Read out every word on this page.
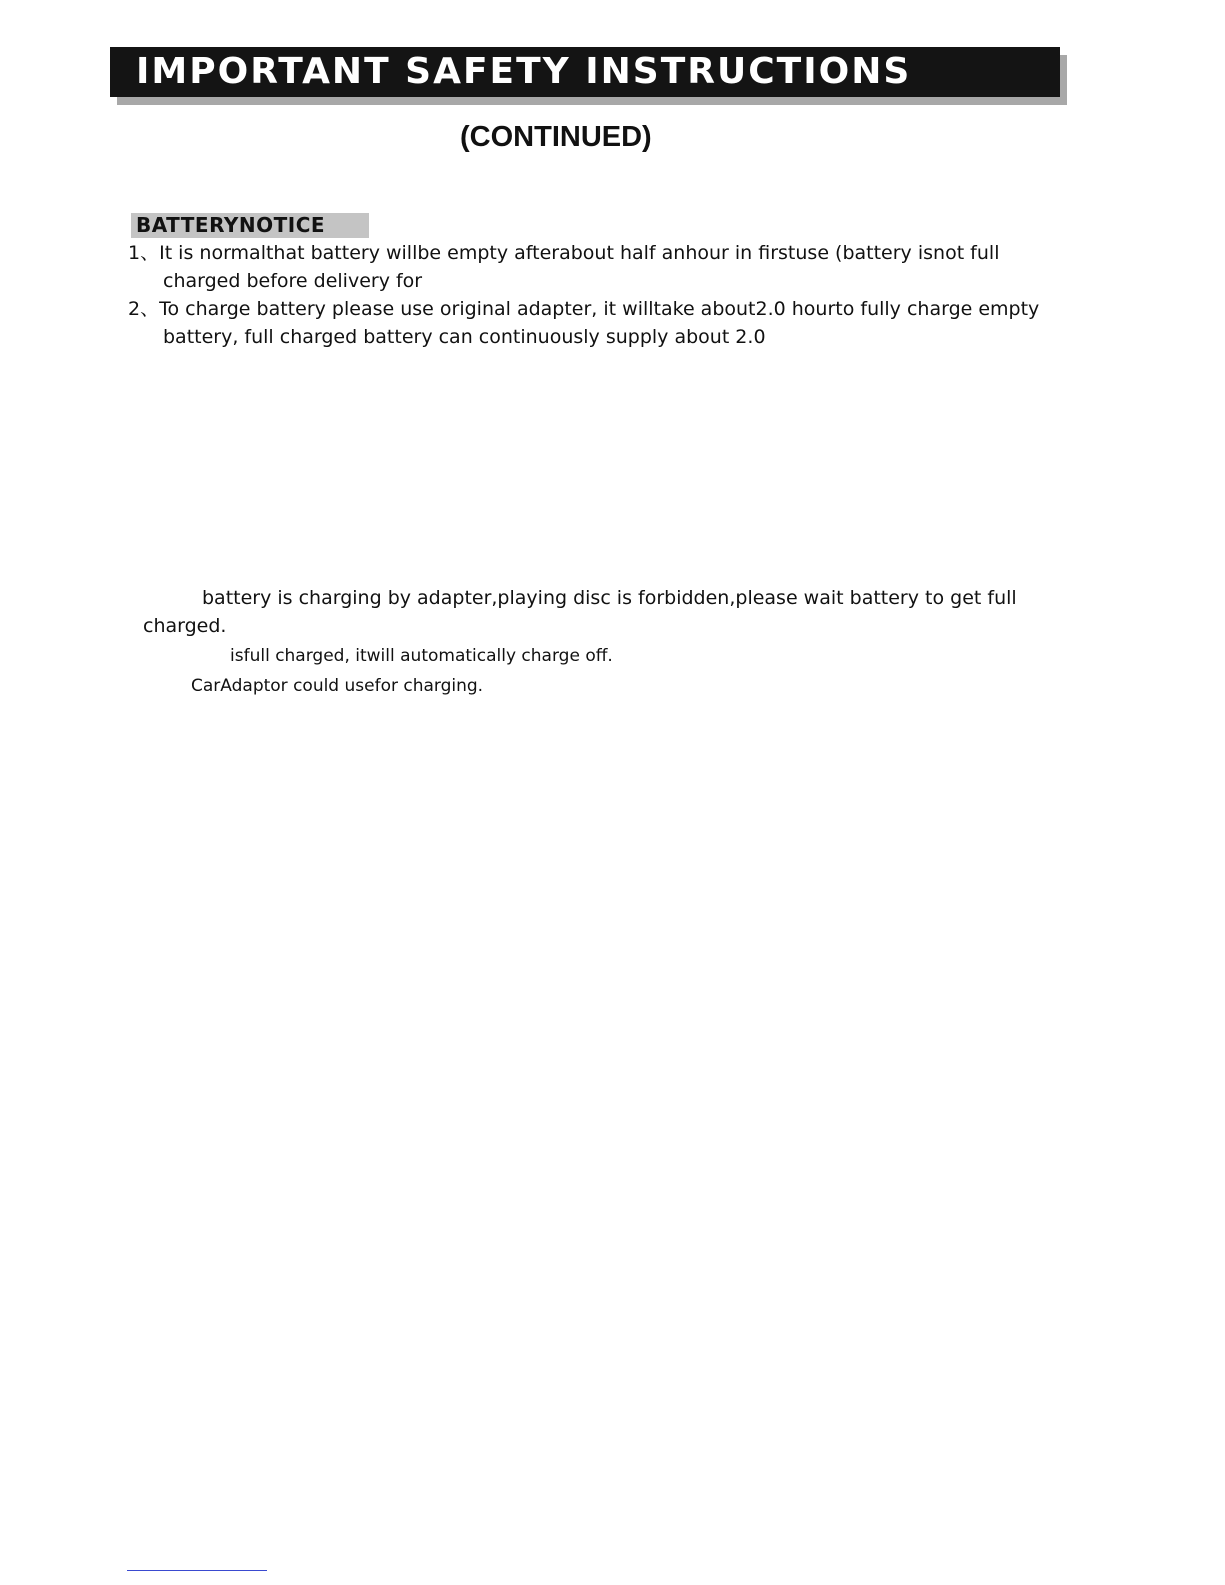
IMPORTANT SAFETY INSTRUCTIONS
(CONTINUED)
BATTERYNOTICE
1、It is normalthat battery willbe empty afterabout half anhour in firstuse (battery isnot full
charged before delivery for
2、To charge battery please use original adapter, it willtake about2.0 hourto fully charge empty
battery, full charged battery can continuously supply about 2.0
battery is charging by adapter,playing disc is forbidden,please wait battery to get full
charged.
isfull charged, itwill automatically charge off.
CarAdaptor could usefor charging.
